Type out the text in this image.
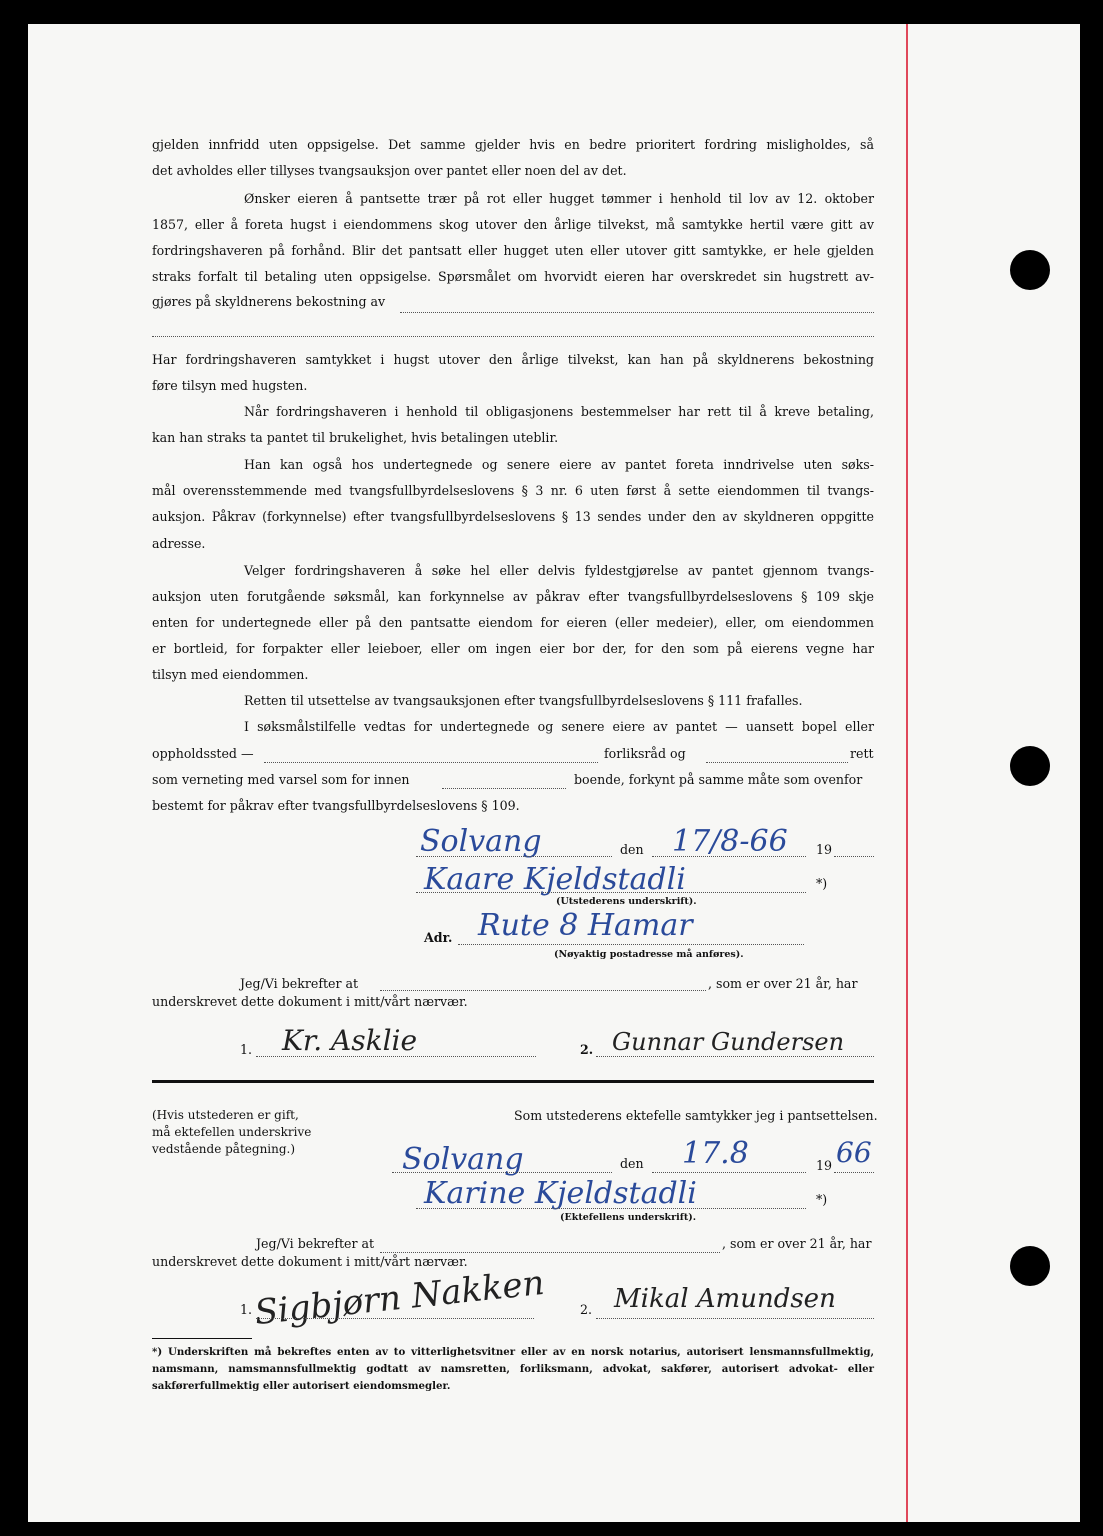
gjelden innfridd uten oppsigelse. Det samme gjelder hvis en bedre prioritert fordring misligholdes, så
det avholdes eller tillyses tvangsauksjon over pantet eller noen del av det.
Ønsker eieren å pantsette trær på rot eller hugget tømmer i henhold til lov av 12. oktober
1857, eller å foreta hugst i eiendommens skog utover den årlige tilvekst, må samtykke hertil være gitt av
fordringshaveren på forhånd. Blir det pantsatt eller hugget uten eller utover gitt samtykke, er hele gjelden
straks forfalt til betaling uten oppsigelse. Spørsmålet om hvorvidt eieren har overskredet sin hugstrett av-
gjøres på skyldnerens bekostning av
Har fordringshaveren samtykket i hugst utover den årlige tilvekst, kan han på skyldnerens bekostning
føre tilsyn med hugsten.
Når fordringshaveren i henhold til obligasjonens bestemmelser har rett til å kreve betaling,
kan han straks ta pantet til brukelighet, hvis betalingen uteblir.
Han kan også hos undertegnede og senere eiere av pantet foreta inndrivelse uten søks-
mål overensstemmende med tvangsfullbyrdelseslovens § 3 nr. 6 uten først å sette eiendommen til tvangs-
auksjon. Påkrav (forkynnelse) efter tvangsfullbyrdelseslovens § 13 sendes under den av skyldneren oppgitte
adresse.
Velger fordringshaveren å søke hel eller delvis fyldestgjørelse av pantet gjennom tvangs-
auksjon uten forutgående søksmål, kan forkynnelse av påkrav efter tvangsfullbyrdelseslovens § 109 skje
enten for undertegnede eller på den pantsatte eiendom for eieren (eller medeier), eller, om eiendommen
er bortleid, for forpakter eller leieboer, eller om ingen eier bor der, for den som på eierens vegne har
tilsyn med eiendommen.
Retten til utsettelse av tvangsauksjonen efter tvangsfullbyrdelseslovens § 111 frafalles.
I søksmålstilfelle vedtas for undertegnede og senere eiere av pantet — uansett bopel eller
oppholdssted —	forliksråd og	rett
som verneting med varsel som for innen	boende, forkynt på samme måte som ovenfor
bestemt for påkrav efter tvangsfullbyrdelseslovens § 109.
Solvang	den 17/8-66 19
Kaare Kjeldstadli	*)
(Utstederens underskrift).
Adr. Rute 8 Hamar
(Nøyaktig postadresse må anføres).
Jeg/Vi bekrefter at	, som er over 21 år, har
underskrevet dette dokument i mitt/vårt nærvær.
1. Kr. Asklie	2. Gunnar Gundersen
(Hvis utstederen er gift,
må ektefellen underskrive
vedstående påtegning.)
Som utstederens ektefelle samtykker jeg i pantsettelsen.
Solvang	den 17.8	19 66
Karine Kjeldstadli	*)
(Ektefellens underskrift).
Jeg/Vi bekrefter at	, som er over 21 år, har
underskrevet dette dokument i mitt/vårt nærvær.
Sigbjørn Nakken
1.	2. Mikal Amundsen
*) Underskriften må bekreftes enten av to vitterlighetsvitner eller av en norsk notarius, autorisert lensmannsfullmektig, namsmann, namsmannsfullmektig godtatt av namsretten, forliksmann, advokat, sakfører, autorisert advokat- eller sakførerfullmektig eller autorisert eiendomsmegler.
